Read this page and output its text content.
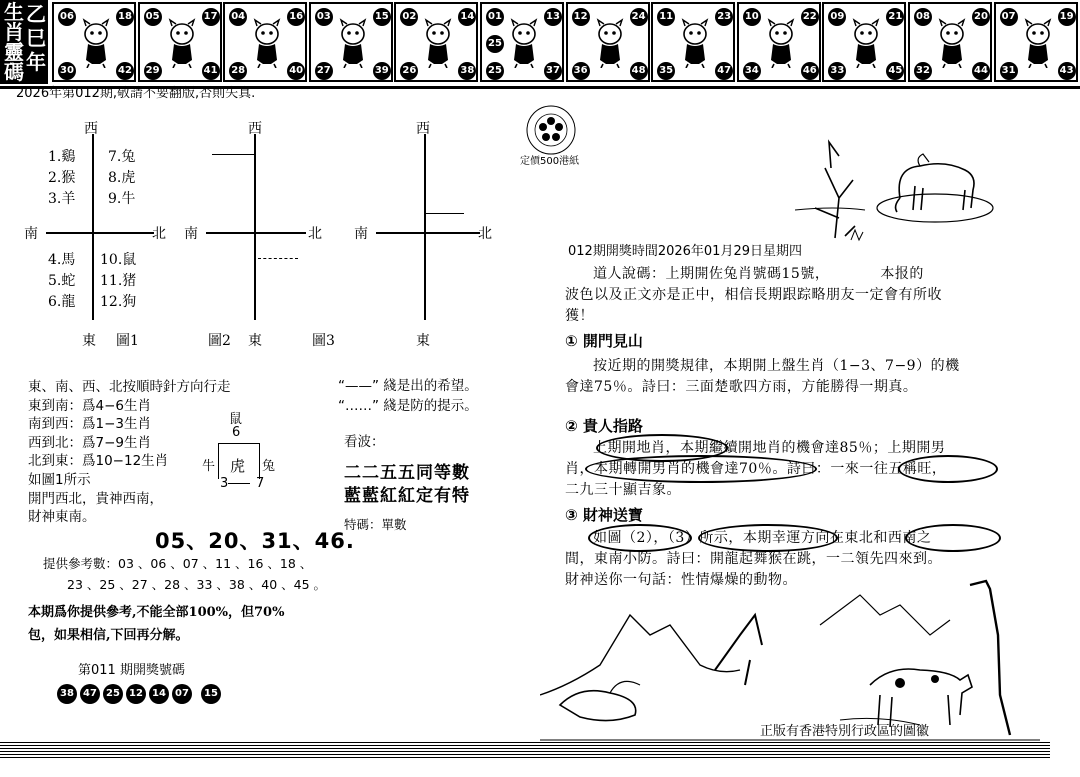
生
肖
靈
碼
乙
巳
年
06	18
30	42
05	17
29	41
04	16
28	40
03	15
27	39
02	14
26	38
01	13
25	37
25
12	24
36	48
11	23
35	47
10	22
34	46
09	21
33	45
08	20
32	44
07	19
31	43
2026年第012期,敬請不要翻版,否則失真.
西
南	北
東 圖1
1.鷄
2.猴
3.羊
7.兔
8.虎
9.牛
4.馬
5.蛇
6.龍
10.鼠
11.猪
12.狗
西
南	北
東
圖2
西
南	北
東
圖3
“——” 綫是出的希望。
“……” 綫是防的提示。
東、南、西、北按順時針方向行走
東到南：爲4−6生肖
南到西：爲1−3生肖
西到北：爲7−9生肖
北到東：爲10−12生肖
如圖1所示
開門西北，貴神西南，
財神東南。
鼠
6
牛 虎 兔
3 7
看波：
二二五五同等數
藍藍紅紅定有特
特碼：單數
05、20、31、46.
提供參考數：03 、06 、07 、11 、16 、18 、
23 、25 、27 、28 、33 、38 、40 、45 。
本期爲你提供參考,不能全部100%，但70%
包，如果相信,下回再分解。
第011 期開獎號碼
38 47 25 12 14 07 15
定價500港紙
012期開獎時間2026年01月29日星期四
道人說碼：上期開佐兔肖號碼15號，　　　　本报的
波色以及正文亦是正中，相信長期跟踪略朋友一定會有所收
獲！
① 開門見山
按近期的開獎規律，本期開上盤生肖（1−3、7−9）的機
會達75％。詩曰：三面楚歌四方雨，方能勝得一期真。
② 貴人指路
上期開地肖，本期繼續開地肖的機會達85％；上期開男
肖，本期轉開男肖的機會達70％。詩曰：一來一往五稱旺，
二九三十顯吉象。
③ 財神送寶
如圖（2），（3）所示，本期幸運方向在東北和西南之
間，東南小防。詩曰：開龍起舞猴在跳，一二領先四來到。
財神送你一句話：性情爆燥的動物。
正版有香港特別行政區的圖徽
